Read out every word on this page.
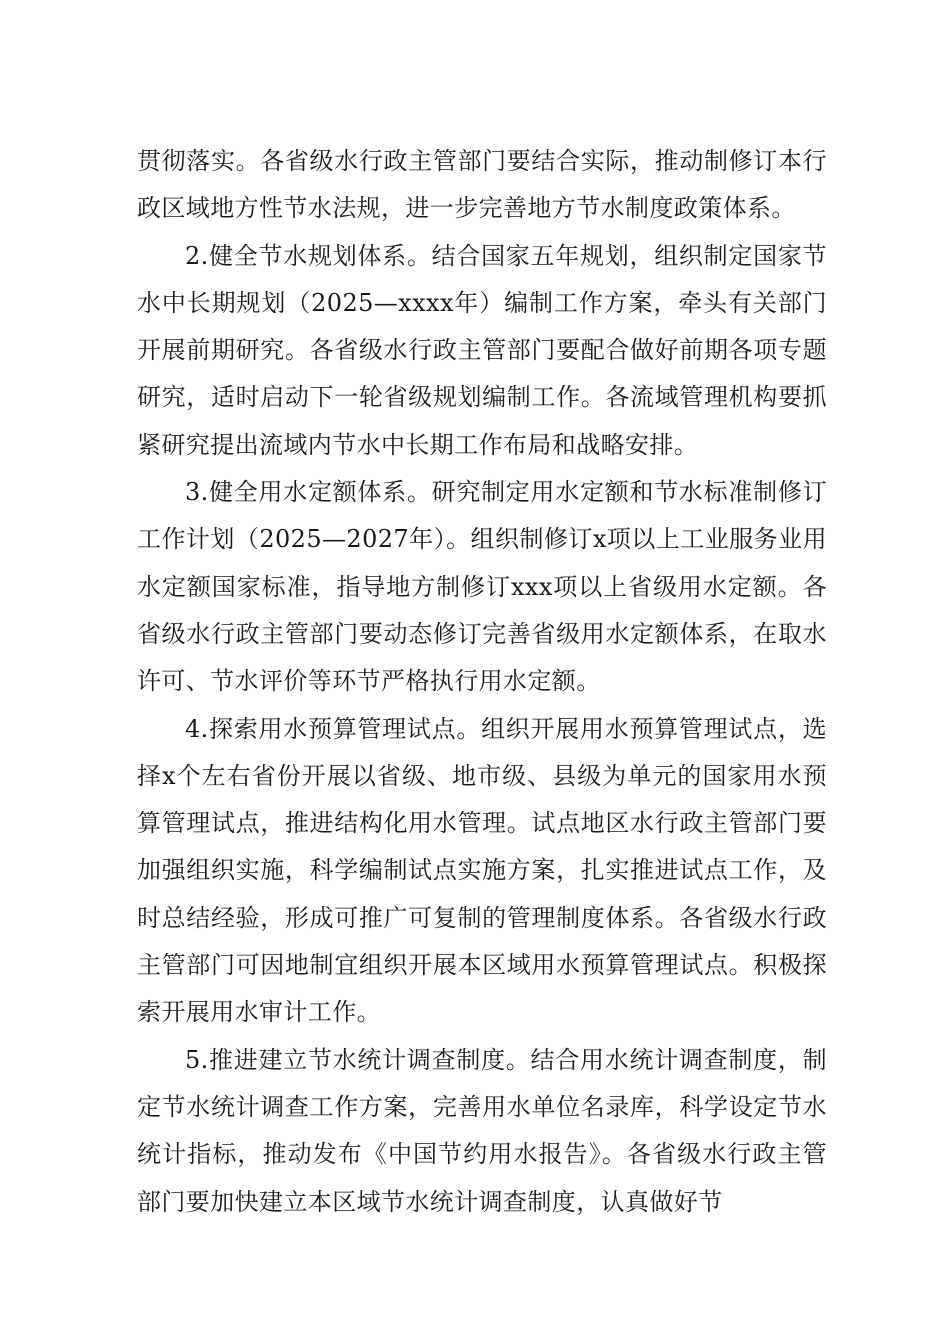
贯彻落实。各省级水行政主管部门要结合实际，推动制修订本行政区域地方性节水法规，进一步完善地方节水制度政策体系。

2.健全节水规划体系。结合国家五年规划，组织制定国家节水中长期规划（2025—xxxx年）编制工作方案，牵头有关部门开展前期研究。各省级水行政主管部门要配合做好前期各项专题研究，适时启动下一轮省级规划编制工作。各流域管理机构要抓紧研究提出流域内节水中长期工作布局和战略安排。

3.健全用水定额体系。研究制定用水定额和节水标准制修订工作计划（2025—2027年）。组织制修订x项以上工业服务业用水定额国家标准，指导地方制修订xxx项以上省级用水定额。各省级水行政主管部门要动态修订完善省级用水定额体系，在取水许可、节水评价等环节严格执行用水定额。

4.探索用水预算管理试点。组织开展用水预算管理试点，选择x个左右省份开展以省级、地市级、县级为单元的国家用水预算管理试点，推进结构化用水管理。试点地区水行政主管部门要加强组织实施，科学编制试点实施方案，扎实推进试点工作，及时总结经验，形成可推广可复制的管理制度体系。各省级水行政主管部门可因地制宜组织开展本区域用水预算管理试点。积极探索开展用水审计工作。

5.推进建立节水统计调查制度。结合用水统计调查制度，制定节水统计调查工作方案，完善用水单位名录库，科学设定节水统计指标，推动发布《中国节约用水报告》。各省级水行政主管部门要加快建立本区域节水统计调查制度，认真做好节
